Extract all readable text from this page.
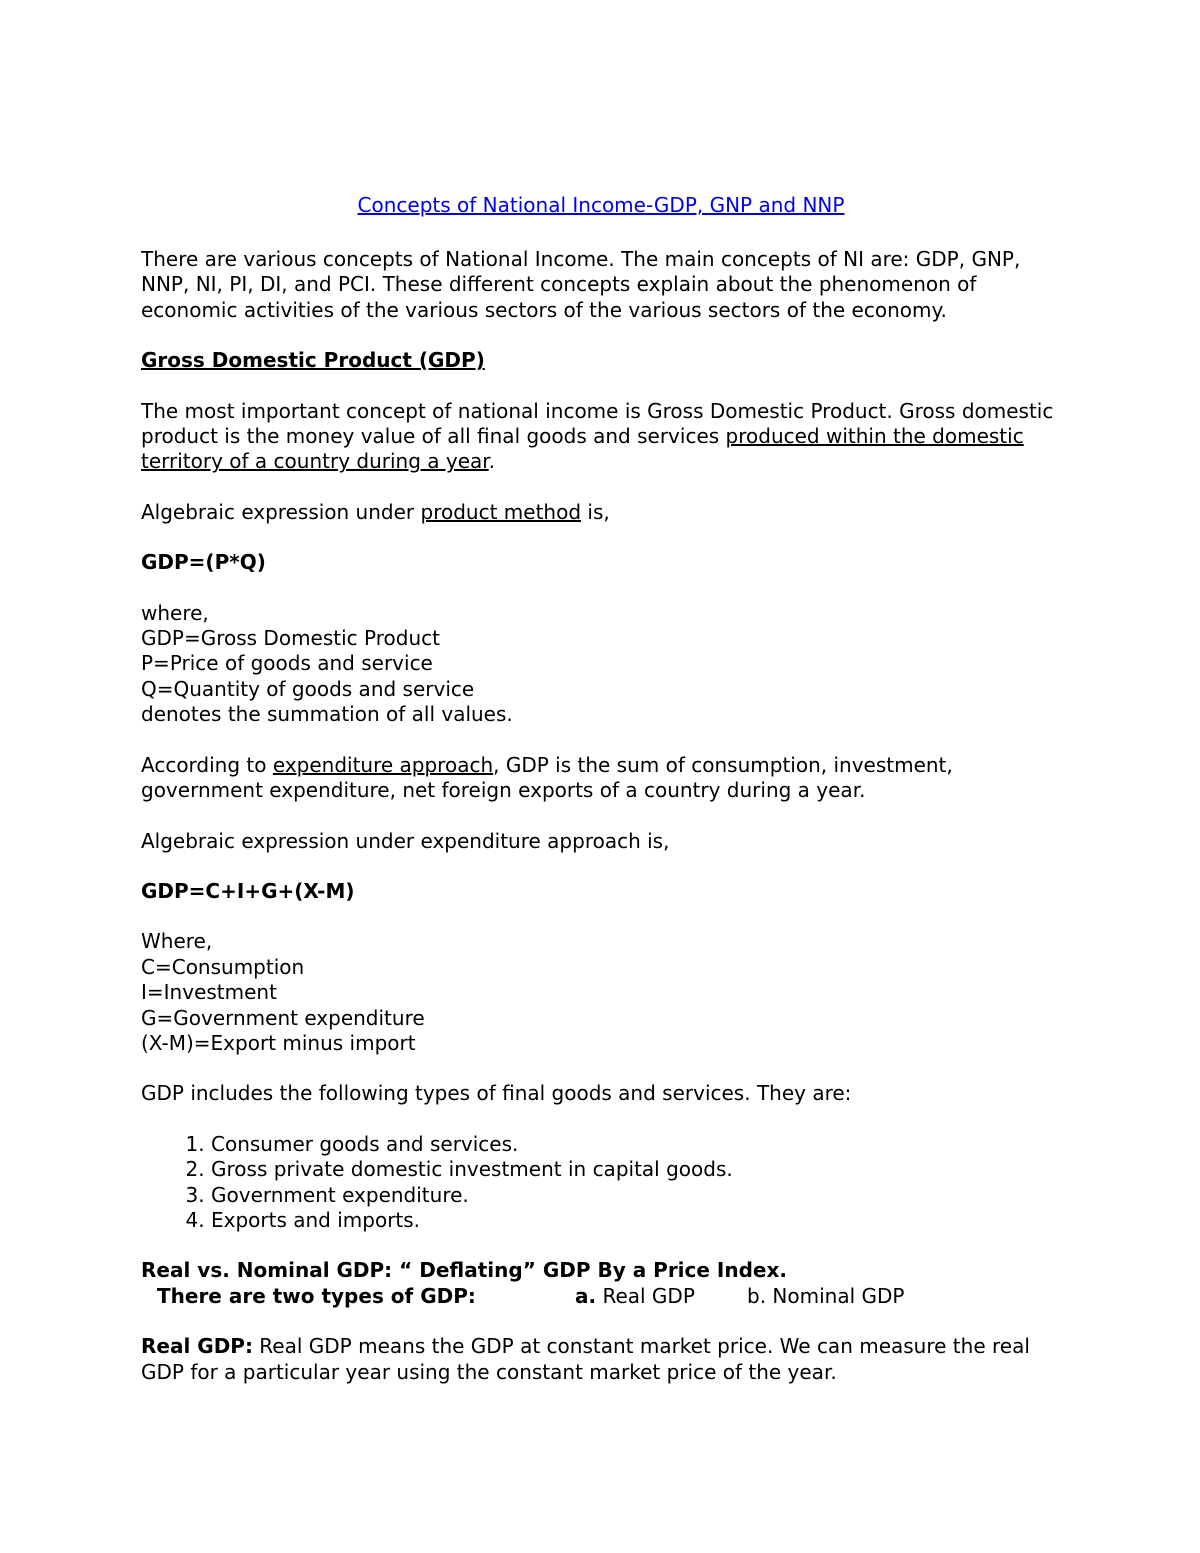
Concepts of National Income-GDP, GNP and NNP

There are various concepts of National Income. The main concepts of NI are: GDP, GNP, NNP, NI, PI, DI, and PCI. These different concepts explain about the phenomenon of economic activities of the various sectors of the various sectors of the economy.

Gross Domestic Product (GDP)

The most important concept of national income is Gross Domestic Product. Gross domestic product is the money value of all final goods and services produced within the domestic territory of a country during a year.

Algebraic expression under product method is,

GDP=(P*Q)
where,
GDP=Gross Domestic Product
P=Price of goods and service
Q=Quantity of goods and service
denotes the summation of all values.

According to expenditure approach, GDP is the sum of consumption, investment, government expenditure, net foreign exports of a country during a year.

Algebraic expression under expenditure approach is,

GDP=C+I+G+(X-M)
Where,
C=Consumption
I=Investment
G=Government expenditure
(X-M)=Export minus import

GDP includes the following types of final goods and services. They are:

1. Consumer goods and services.
2. Gross private domestic investment in capital goods.
3. Government expenditure.
4. Exports and imports.
Real vs. Nominal GDP: “ Deflating” GDP By a Price Index.
There are two types of GDP:	a. Real GDP	b. Nominal GDP

Real GDP: Real GDP means the GDP at constant market price. We can measure the real GDP for a particular year using the constant market price of the year.
